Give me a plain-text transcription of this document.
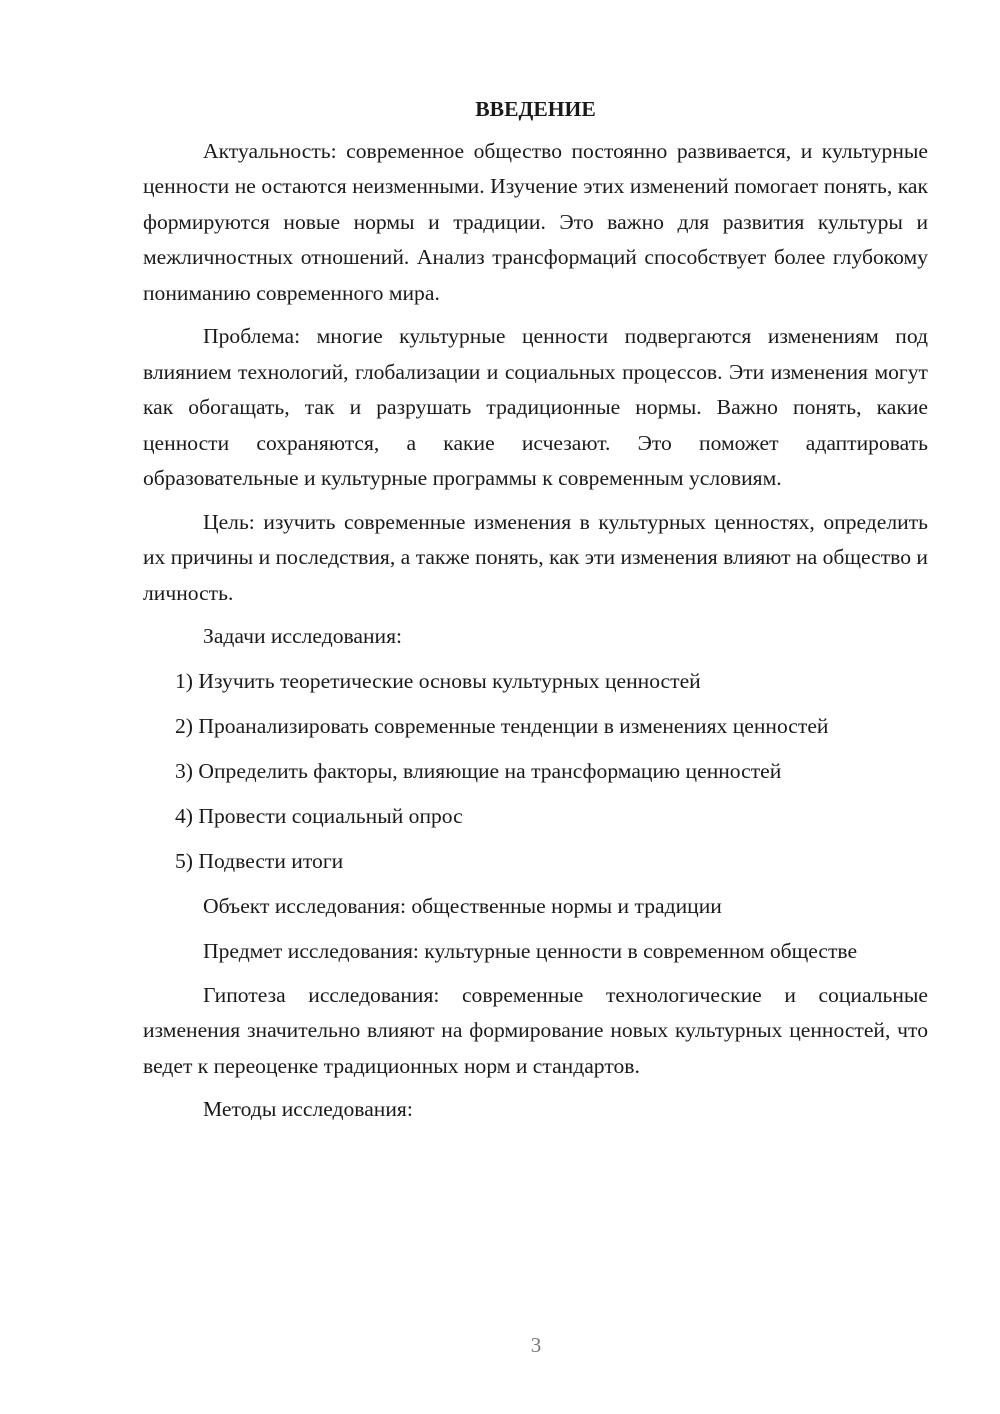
ВВЕДЕНИЕ

Актуальность: современное общество постоянно развивается, и культурные ценности не остаются неизменными. Изучение этих изменений помогает понять, как формируются новые нормы и традиции. Это важно для развития культуры и межличностных отношений. Анализ трансформаций способствует более глубокому пониманию современного мира.

Проблема: многие культурные ценности подвергаются изменениям под влиянием технологий, глобализации и социальных процессов. Эти изменения могут как обогащать, так и разрушать традиционные нормы. Важно понять, какие ценности сохраняются, а какие исчезают. Это поможет адаптировать образовательные и культурные программы к современным условиям.

Цель: изучить современные изменения в культурных ценностях, определить их причины и последствия, а также понять, как эти изменения влияют на общество и личность.

Задачи исследования:

1) Изучить теоретические основы культурных ценностей
2) Проанализировать современные тенденции в изменениях ценностей
3) Определить факторы, влияющие на трансформацию ценностей
4) Провести социальный опрос
5) Подвести итоги

Объект исследования: общественные нормы и традиции

Предмет исследования: культурные ценности в современном обществе

Гипотеза исследования: современные технологические и социальные изменения значительно влияют на формирование новых культурных ценностей, что ведет к переоценке традиционных норм и стандартов.

Методы исследования:

3
